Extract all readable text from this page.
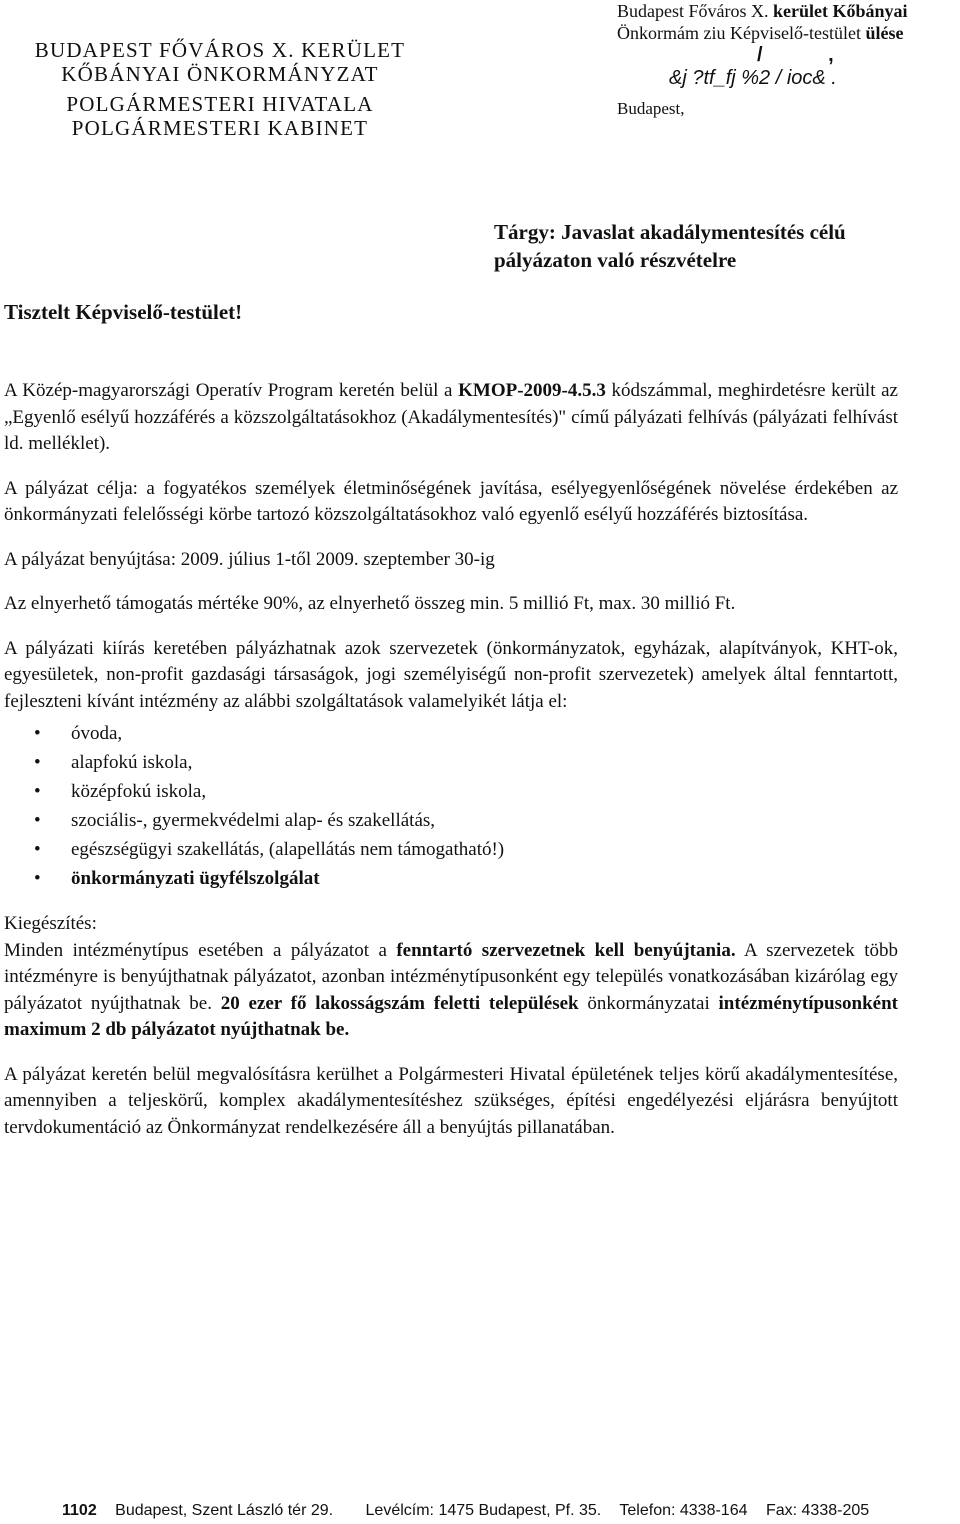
BUDAPEST FŐVÁROS X. KERÜLET
KŐBÁNYAI ÖNKORMÁNYZAT
POLGÁRMESTERI HIVATALA
POLGÁRMESTERI KABINET
Budapest Főváros X. kerület Kőbányai
Önkormám ziu Képviselő-testület ülése
/ ,
&j ?tf_fj %2 / ioc& .
Budapest,
Tárgy: Javaslat akadálymentesítés célú
pályázaton való részvételre
Tisztelt Képviselő-testület!

A Közép-magyarországi Operatív Program keretén belül a KMOP-2009-4.5.3 kódszámmal, meghirdetésre került az „Egyenlő esélyű hozzáférés a közszolgáltatásokhoz (Akadálymentesítés)" című pályázati felhívás (pályázati felhívást ld. melléklet).

A pályázat célja: a fogyatékos személyek életminőségének javítása, esélyegyenlőségének növelése érdekében az önkormányzati felelősségi körbe tartozó közszolgáltatásokhoz való egyenlő esélyű hozzáférés biztosítása.

A pályázat benyújtása: 2009. július 1-től 2009. szeptember 30-ig

Az elnyerhető támogatás mértéke 90%, az elnyerhető összeg min. 5 millió Ft, max. 30 millió Ft.

A pályázati kiírás keretében pályázhatnak azok szervezetek (önkormányzatok, egyházak, alapítványok, KHT-ok, egyesületek, non-profit gazdasági társaságok, jogi személyiségű non-profit szervezetek) amelyek által fenntartott, fejleszteni kívánt intézmény az alábbi szolgáltatások valamelyikét látja el:

• óvoda,
• alapfokú iskola,
• középfokú iskola,
• szociális-, gyermekvédelmi alap- és szakellátás,
• egészségügyi szakellátás, (alapellátás nem támogatható!)
• önkormányzati ügyfélszolgálat

Kiegészítés:

Minden intézménytípus esetében a pályázatot a fenntartó szervezetnek kell benyújtania. A szervezetek több intézményre is benyújthatnak pályázatot, azonban intézménytípusonként egy település vonatkozásában kizárólag egy pályázatot nyújthatnak be. 20 ezer fő lakosságszám feletti települések önkormányzatai intézménytípusonként maximum 2 db pályázatot nyújthatnak be.

A pályázat keretén belül megvalósításra kerülhet a Polgármesteri Hivatal épületének teljes körű akadálymentesítése, amennyiben a teljeskörű, komplex akadálymentesítéshez szükséges, építési engedélyezési eljárásra benyújtott tervdokumentáció az Önkormányzat rendelkezésére áll a benyújtás pillanatában.

1102 Budapest, Szent László tér 29. Levélcím: 1475 Budapest, Pf. 35. Telefon: 4338-164 Fax: 4338-205
